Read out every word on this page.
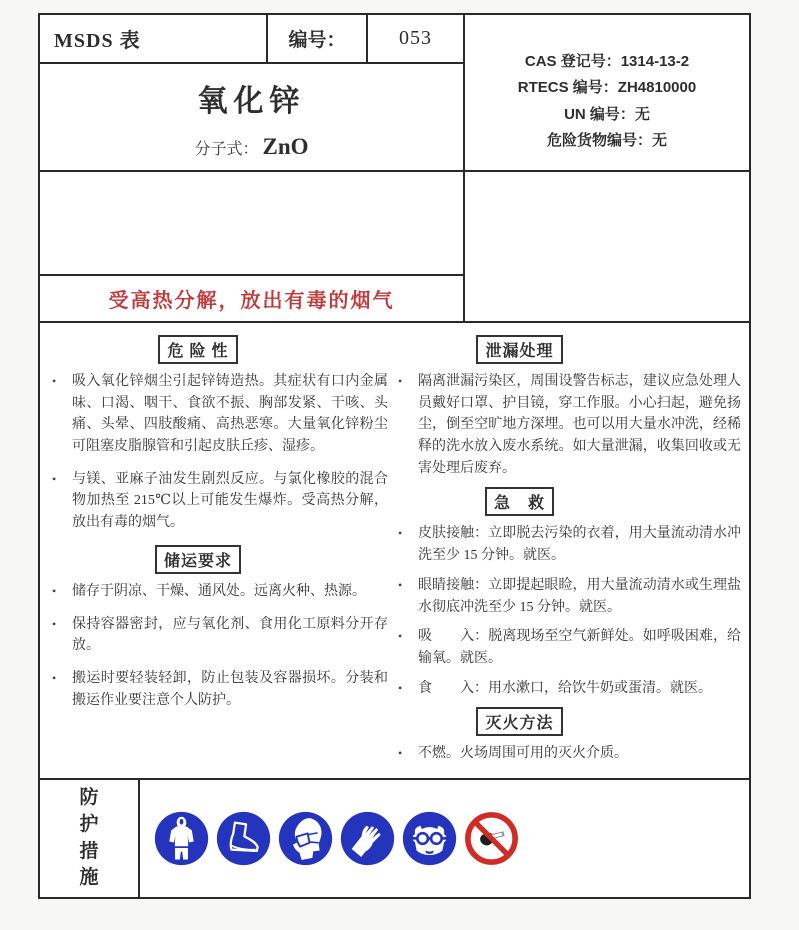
MSDS 表	编号：	053
氧化锌
分子式： ZnO
受高热分解，放出有毒的烟气
CAS 登记号：1314-13-2
RTECS 编号：ZH4810000
UN 编号：无
危险货物编号：无
危 险 性
•	吸入氧化锌烟尘引起锌铸造热。其症状有口内金属味、口渴、咽干、食欲不振、胸部发紧、干咳、头痛、头晕、四肢酸痛、高热恶寒。大量氧化锌粉尘可阻塞皮脂腺管和引起皮肤丘疹、湿疹。
•	与镁、亚麻子油发生剧烈反应。与氯化橡胶的混合物加热至 215℃以上可能发生爆炸。受高热分解，放出有毒的烟气。
储运要求
•	储存于阴凉、干燥、通风处。远离火种、热源。
•	保持容器密封，应与氧化剂、食用化工原料分开存放。
•	搬运时要轻装轻卸，防止包装及容器损坏。分装和搬运作业要注意个人防护。
泄漏处理
•	隔离泄漏污染区，周围设警告标志，建议应急处理人员戴好口罩、护目镜，穿工作服。小心扫起，避免扬尘，倒至空旷地方深埋。也可以用大量水冲洗，经稀释的洗水放入废水系统。如大量泄漏，收集回收或无害处理后废弃。
急　救
•	皮肤接触：立即脱去污染的衣着，用大量流动清水冲洗至少 15 分钟。就医。
•	眼睛接触：立即提起眼睑，用大量流动清水或生理盐水彻底冲洗至少 15 分钟。就医。
•	吸　　入：脱离现场至空气新鲜处。如呼吸困难，给输氧。就医。
•	食　　入：用水漱口，给饮牛奶或蛋清。就医。
灭火方法
•	不燃。火场周围可用的灭火介质。
防
护
措
施
